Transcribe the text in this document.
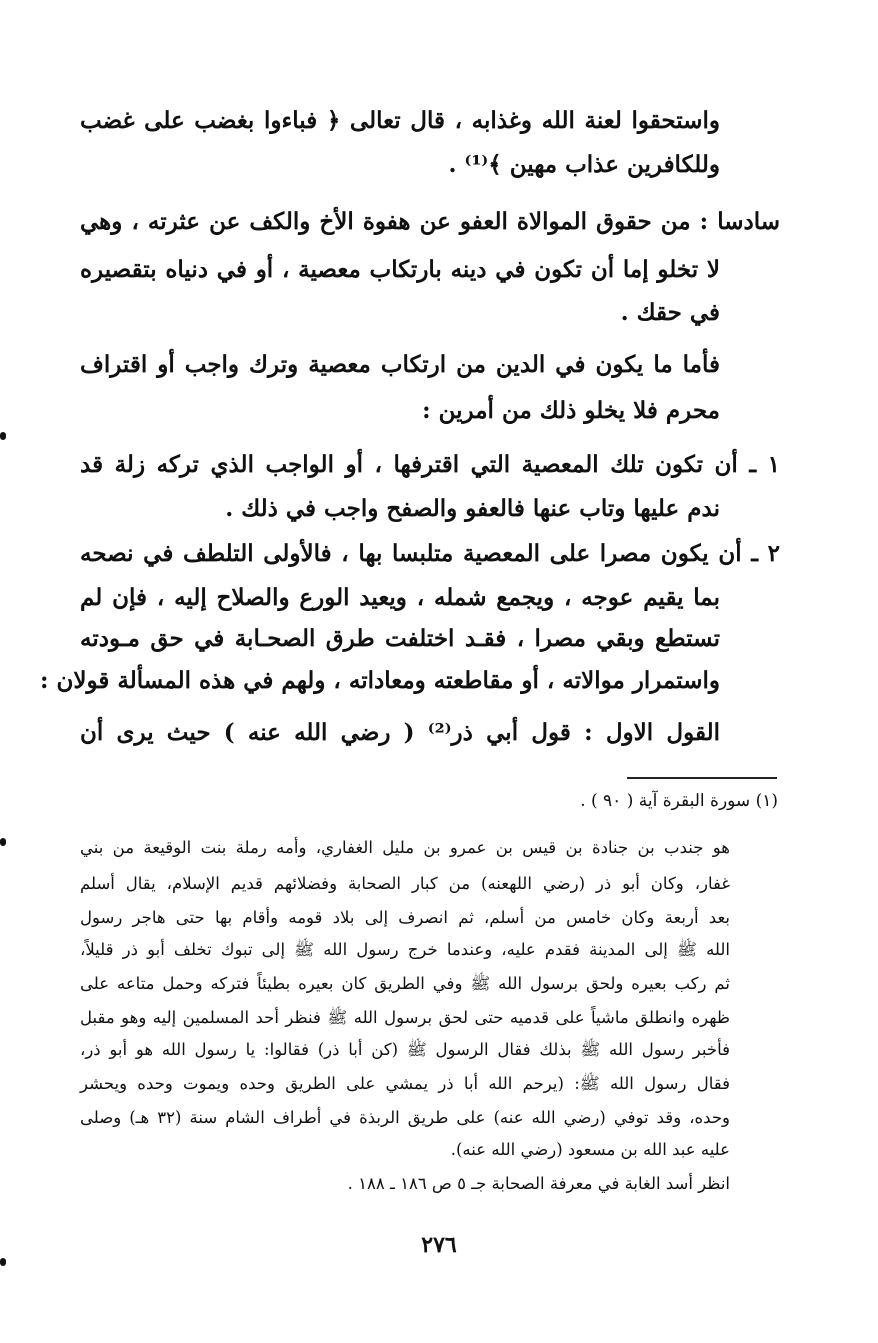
واستحقوا لعنة الله وغذابه ، قال تعالى ﴿ فباءوا بغضب على غضب
وللكافرين عذاب مهين ﴾⁽¹⁾ .
سادسا : من حقوق الموالاة العفو عن هفوة الأخ والكف عن عثرته ، وهي
لا تخلو إما أن تكون في دينه بارتكاب معصية ، أو في دنياه بتقصيره
في حقك .
فأما ما يكون في الدين من ارتكاب معصية وترك واجب أو اقتراف
محرم فلا يخلو ذلك من أمرين :
١ ـ أن تكون تلك المعصية التي اقترفها ، أو الواجب الذي تركه زلة قد
ندم عليها وتاب عنها فالعفو والصفح واجب في ذلك .
٢ ـ أن يكون مصرا على المعصية متلبسا بها ، فالأولى التلطف في نصحه
بما يقيم عوجه ، ويجمع شمله ، ويعيد الورع والصلاح إليه ، فإن لم
تستطع وبقي مصرا ، فقـد اختلفت طرق الصحـابة في حق مـودته
واستمرار موالاته ، أو مقاطعته ومعاداته ، ولهم في هذه المسألة قولان :
القول الاول : قول أبي ذر⁽²⁾ ( رضي الله عنه ) حيث يرى أن
(١) سورة البقرة آية ( ٩٠ ) .
هو جندب بن جنادة بن قيس بن عمرو بن مليل الغفاري، وأمه رملة بنت الوقيعة من بني
غفار، وكان أبو ذر (رضي اللهعنه) من كبار الصحابة وفضلائهم قديم الإسلام، يقال أسلم
بعد أربعة وكان خامس من أسلم، ثم انصرف إلى بلاد قومه وأقام بها حتى هاجر رسول
الله ﷺ إلى المدينة فقدم عليه، وعندما خرج رسول الله ﷺ إلى تبوك تخلف أبو ذر قليلاً،
ثم ركب بعيره ولحق برسول الله ﷺ وفي الطريق كان بعيره بطيئاً فتركه وحمل متاعه على
ظهره وانطلق ماشياً على قدميه حتى لحق برسول الله ﷺ فنظر أحد المسلمين إليه وهو مقبل
فأخبر رسول الله ﷺ بذلك فقال الرسول ﷺ (كن أبا ذر) فقالوا: يا رسول الله هو أبو ذر،
فقال رسول الله ﷺ: (يرحم الله أبا ذر يمشي على الطريق وحده ويموت وحده ويحشر
وحده، وقد توفي (رضي الله عنه) على طريق الربذة في أطراف الشام سنة (٣٢ هـ) وصلى
عليه عبد الله بن مسعود (رضي الله عنه).
انظر أسد الغابة في معرفة الصحابة جـ ٥ ص ١٨٦ ـ ١٨٨ .
٢٧٦
